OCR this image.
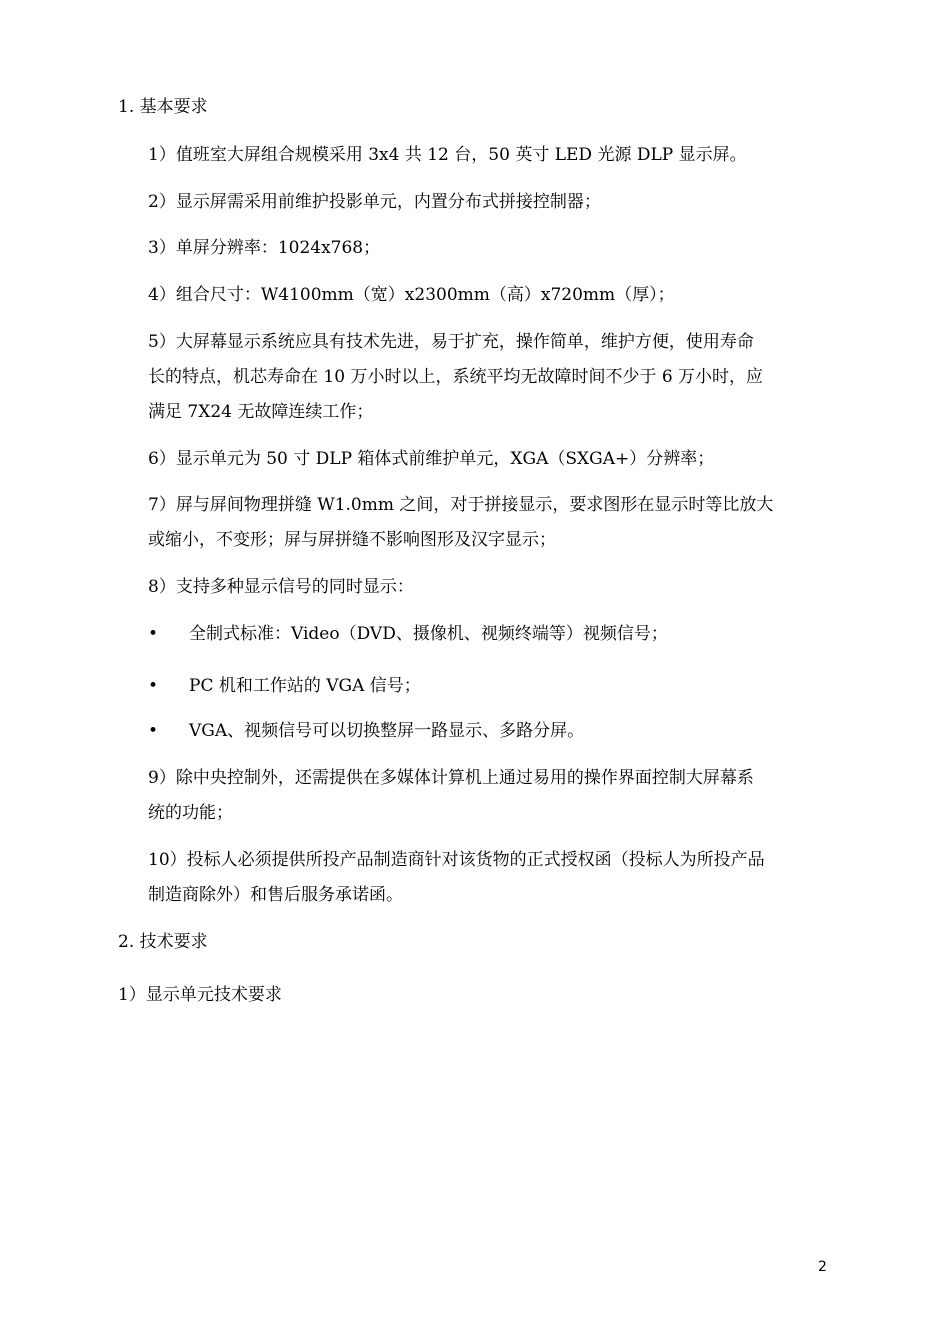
1. 基本要求
1）值班室大屏组合规模采用 3x4 共 12 台，50 英寸 LED 光源 DLP 显示屏。
2）显示屏需采用前维护投影单元，内置分布式拼接控制器；
3）单屏分辨率：1024x768；
4）组合尺寸：W4100mm（宽）x2300mm（高）x720mm（厚）；
5）大屏幕显示系统应具有技术先进，易于扩充，操作简单，维护方便，使用寿命
长的特点，机芯寿命在 10 万小时以上，系统平均无故障时间不少于 6 万小时，应
满足 7X24 无故障连续工作；
6）显示单元为 50 寸 DLP 箱体式前维护单元，XGA（SXGA+）分辨率；
7）屏与屏间物理拼缝 W1.0mm 之间，对于拼接显示，要求图形在显示时等比放大
或缩小，不变形；屏与屏拼缝不影响图形及汉字显示；
8）支持多种显示信号的同时显示：
• 全制式标准：Video（DVD、摄像机、视频终端等）视频信号；
• PC 机和工作站的 VGA 信号；
• VGA、视频信号可以切换整屏一路显示、多路分屏。
9）除中央控制外，还需提供在多媒体计算机上通过易用的操作界面控制大屏幕系
统的功能；
10）投标人必须提供所投产品制造商针对该货物的正式授权函（投标人为所投产品
制造商除外）和售后服务承诺函。
2. 技术要求
1）显示单元技术要求
2
